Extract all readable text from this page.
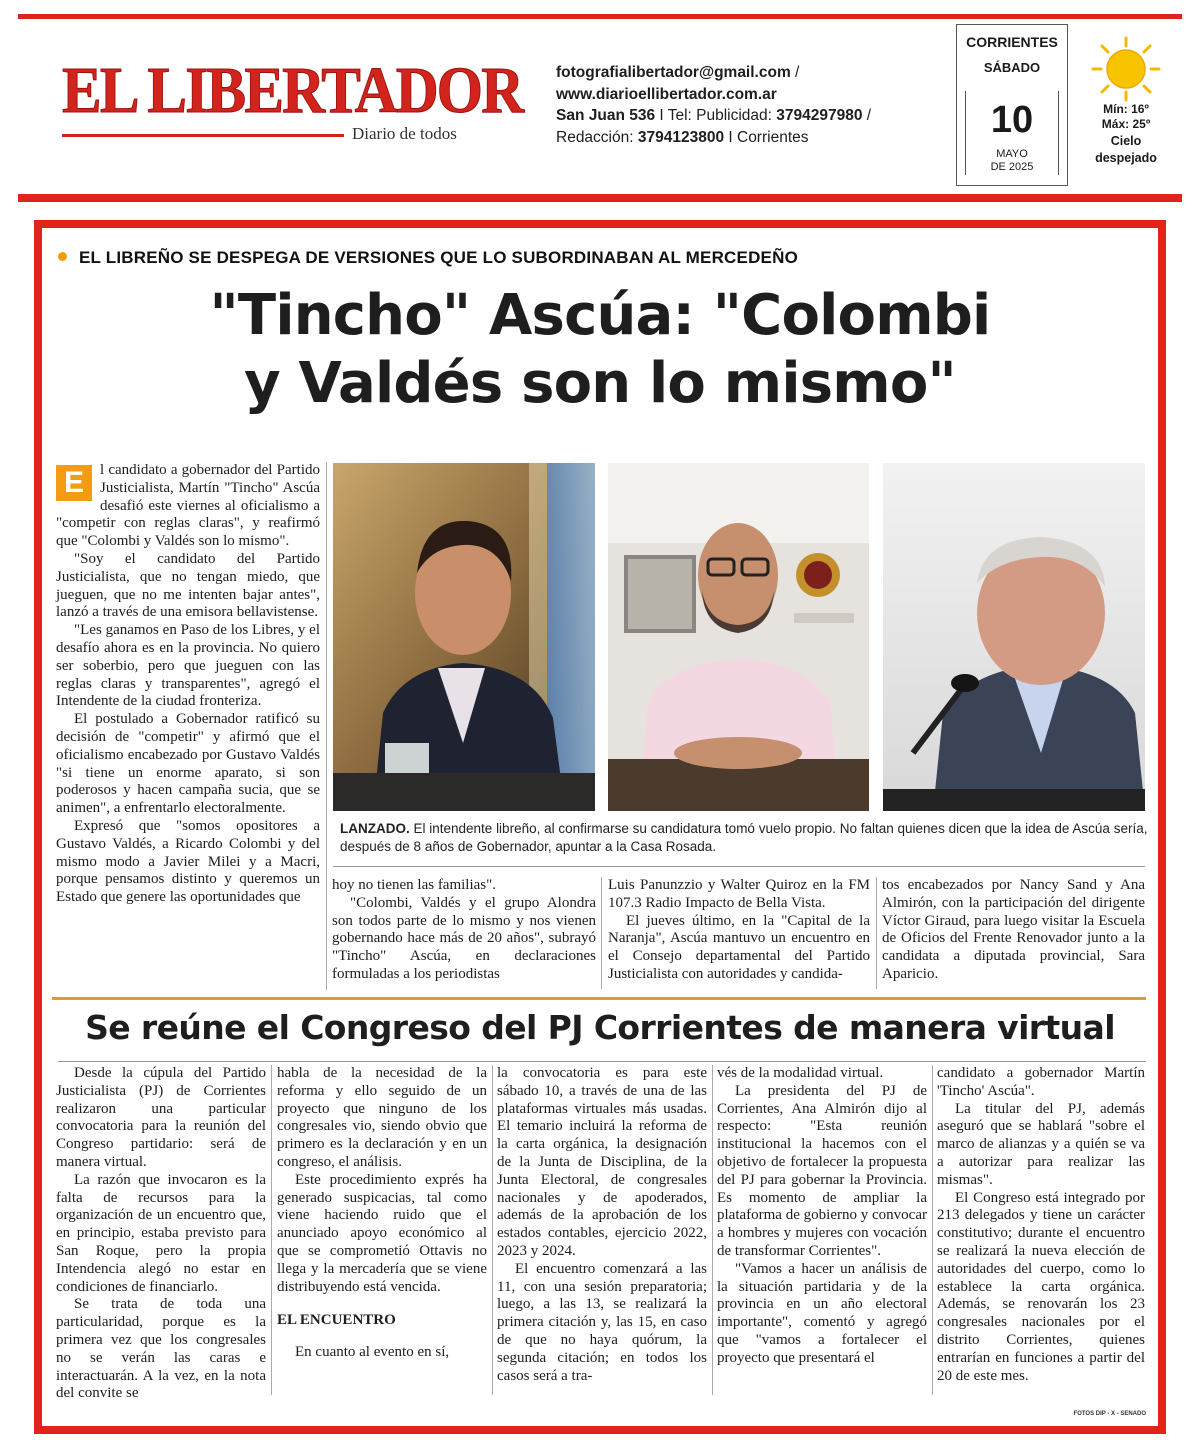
EL LIBERTADOR
Diario de todos
fotografialibertador@gmail.com /
www.diarioellibertador.com.ar
San Juan 536 I Tel: Publicidad: 3794297980 /
Redacción: 3794123800 I Corrientes
CORRIENTES
SÁBADO
10
MAYO
DE 2025
Mín: 16º
Máx: 25º
Cielo
despejado
EL LIBREÑO SE DESPEGA DE VERSIONES QUE LO SUBORDINABAN AL MERCEDEÑO
"Tincho" Ascúa: "Colombi
y Valdés son lo mismo"

E	l candidato a gobernador del Partido Justicialista, Martín "Tincho" Ascúa desafió este viernes al oficialismo a "competir con reglas claras", y reafirmó que "Colombi y Valdés son lo mismo".

"Soy el candidato del Partido Justicialista, que no tengan miedo, que jueguen, que no me intenten bajar antes", lanzó a través de una emisora bellavistense.

"Les ganamos en Paso de los Libres, y el desafío ahora es en la provincia. No quiero ser soberbio, pero que jueguen con las reglas claras y transparentes", agregó el Intendente de la ciudad fronteriza.

El postulado a Gobernador ratificó su decisión de "competir" y afirmó que el oficialismo encabezado por Gustavo Valdés "si tiene un enorme aparato, si son poderosos y hacen campaña sucia, que se animen", a enfrentarlo electoralmente.

Expresó que "somos opositores a Gustavo Valdés, a Ricardo Colombi y del mismo modo a Javier Milei y a Macri, porque pensamos distinto y queremos un Estado que genere las oportunidades que

LANZADO. El intendente libreño, al confirmarse su candidatura tomó vuelo propio. No faltan quienes dicen que la idea de Ascúa sería, después de 8 años de Gobernador, apuntar a la Casa Rosada.

hoy no tienen las familias".

"Colombi, Valdés y el grupo Alondra son todos parte de lo mismo y nos vienen gobernando hace más de 20 años", subrayó "Tincho" Ascúa, en declaraciones formuladas a los periodistas

Luis Panunzzio y Walter Quiroz en la FM 107.3 Radio Impacto de Bella Vista.

El jueves último, en la "Capital de la Naranja", Ascúa mantuvo un encuentro en el Consejo departamental del Partido Justicialista con autoridades y candida-

tos encabezados por Nancy Sand y Ana Almirón, con la participación del dirigente Víctor Giraud, para luego visitar la Escuela de Oficios del Frente Renovador junto a la candidata a diputada provincial, Sara Aparicio.

Se reúne el Congreso del PJ Corrientes de manera virtual

Desde la cúpula del Partido Justicialista (PJ) de Corrientes realizaron una particular convocatoria para la reunión del Congreso partidario: será de manera virtual.

La razón que invocaron es la falta de recursos para la organización de un encuentro que, en principio, estaba previsto para San Roque, pero la propia Intendencia alegó no estar en condiciones de financiarlo.

Se trata de toda una particularidad, porque es la primera vez que los congresales no se verán las caras e interactuarán. A la vez, en la nota del convite se

habla de la necesidad de la reforma y ello seguido de un proyecto que ninguno de los congresales vio, siendo obvio que primero es la declaración y en un congreso, el análisis.

Este procedimiento exprés ha generado suspicacias, tal como viene haciendo ruido que el anunciado apoyo económico al que se comprometió Ottavis no llega y la mercadería que se viene distribuyendo está vencida.

EL ENCUENTRO

En cuanto al evento en sí,

la convocatoria es para este sábado 10, a través de una de las plataformas virtuales más usadas. El temario incluirá la reforma de la carta orgánica, la designación de la Junta de Disciplina, de la Junta Electoral, de congresales nacionales y de apoderados, además de la aprobación de los estados contables, ejercicio 2022, 2023 y 2024.

El encuentro comenzará a las 11, con una sesión preparatoria; luego, a las 13, se realizará la primera citación y, las 15, en caso de que no haya quórum, la segunda citación; en todos los casos será a tra-

vés de la modalidad virtual.

La presidenta del PJ de Corrientes, Ana Almirón dijo al respecto: "Esta reunión institucional la hacemos con el objetivo de fortalecer la propuesta del PJ para gobernar la Provincia. Es momento de ampliar la plataforma de gobierno y convocar a hombres y mujeres con vocación de transformar Corrientes".

"Vamos a hacer un análisis de la situación partidaria y de la provincia en un año electoral importante", comentó y agregó que "vamos a fortalecer el proyecto que presentará el

candidato a gobernador Martín 'Tincho' Ascúa".

La titular del PJ, además aseguró que se hablará "sobre el marco de alianzas y a quién se va a autorizar para realizar las mismas".

El Congreso está integrado por 213 delegados y tiene un carácter constitutivo; durante el encuentro se realizará la nueva elección de autoridades del cuerpo, como lo establece la carta orgánica. Además, se renovarán los 23 congresales nacionales por el distrito Corrientes, quienes entrarían en funciones a partir del 20 de este mes.

FOTOS DIP - X - SENADO
